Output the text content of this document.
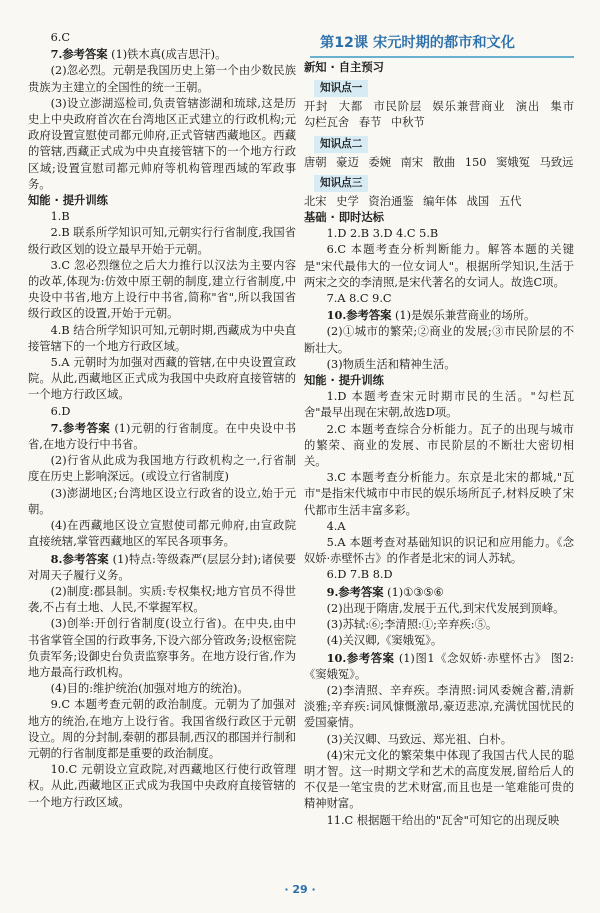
6.C

7.参考答案 (1)铁木真(成吉思汗)。

(2)忽必烈。元朝是我国历史上第一个由少数民族贵族为主建立的全国性的统一王朝。

(3)设立澎湖巡检司,负责管辖澎湖和琉球,这是历史上中央政府首次在台湾地区正式建立的行政机构;元政府设置宣慰使司都元帅府,正式管辖西藏地区。西藏的管辖,西藏正式成为中央直接管辖下的一个地方行政区域;设置宣慰司都元帅府等机构管理西域的军政事务。

知能 · 提升训练

1.B

2.B 联系所学知识可知,元朝实行行省制度,我国省级行政区划的设立最早开始于元朝。

3.C 忽必烈继位之后大力推行以汉法为主要内容的改革,体现为:仿效中原王朝的制度,建立行省制度,中央设中书省,地方上设行中书省,简称"省",所以我国省级行政区的设置,开始于元朝。

4.B 结合所学知识可知,元朝时期,西藏成为中央直接管辖下的一个地方行政区域。

5.A 元朝时为加强对西藏的管辖,在中央设置宣政院。从此,西藏地区正式成为我国中央政府直接管辖的一个地方行政区域。

6.D

7.参考答案 (1)元朝的行省制度。在中央设中书省,在地方设行中书省。

(2)行省从此成为我国地方行政机构之一,行省制度在历史上影响深远。(或设立行省制度)

(3)澎湖地区;台湾地区设立行政省的设立,始于元朝。

(4)在西藏地区设立宣慰使司都元帅府,由宣政院直接统辖,掌管西藏地区的军民各项事务。

8.参考答案 (1)特点:等级森严(层层分封);诸侯要对周天子履行义务。

(2)制度:郡县制。实质:专权集权;地方官员不得世袭,不占有土地、人民,不掌握军权。

(3)创举:开创行省制度(设立行省)。在中央,由中书省掌管全国的行政事务,下设六部分管政务;设枢密院负责军务;设御史台负责监察事务。在地方设行省,作为地方最高行政机构。

(4)目的:维护统治(加强对地方的统治)。

9.C 本题考查元朝的政治制度。元朝为了加强对地方的统治,在地方上设行省。我国省级行政区于元朝设立。周的分封制,秦朝的郡县制,西汉的郡国并行制和元朝的行省制度都是重要的政治制度。

10.C 元朝设立宣政院,对西藏地区行使行政管理权。从此,西藏地区正式成为我国中央政府直接管辖的一个地方行政区域。

第12课 宋元时期的都市和文化

新知 · 自主预习

知识点一

开封 大都 市民阶层 娱乐兼营商业 演出 集市 勾栏瓦舍 春节 中秋节

知识点二

唐朝 豪迈 委婉 南宋 散曲 150 窦娥冤 马致远

知识点三

北宋 史学 资治通鉴 编年体 战国 五代

基础 · 即时达标

1.D 2.B 3.D 4.C 5.B

6.C 本题考查分析判断能力。解答本题的关键是"宋代最伟大的一位女词人"。根据所学知识,生活于两宋之交的李清照,是宋代著名的女词人。故选C项。

7.A 8.C 9.C

10.参考答案 (1)是娱乐兼营商业的场所。

(2)①城市的繁荣;②商业的发展;③市民阶层的不断壮大。

(3)物质生活和精神生活。

知能 · 提升训练

1.D 本题考查宋元时期市民的生活。"勾栏瓦舍"最早出现在宋朝,故选D项。

2.C 本题考查综合分析能力。瓦子的出现与城市的繁荣、商业的发展、市民阶层的不断壮大密切相关。

3.C 本题考查分析能力。东京是北宋的都城,"瓦市"是指宋代城市中市民的娱乐场所瓦子,材料反映了宋代都市生活丰富多彩。

4.A

5.A 本题考查对基础知识的识记和应用能力。《念奴娇·赤壁怀古》的作者是北宋的词人苏轼。

6.D 7.B 8.D

9.参考答案 (1)①③⑤⑥

(2)出现于隋唐,发展于五代,到宋代发展到顶峰。

(3)苏轼:⑥;李清照:①;辛弃疾:⑤。

(4)关汉卿,《窦娥冤》。

10.参考答案 (1)图1《念奴娇·赤壁怀古》 图2:《窦娥冤》。

(2)李清照、辛弃疾。李清照:词风委婉含蓄,清新淡雅;辛弃疾:词风慷慨激昂,豪迈悲凉,充满忧国忧民的爱国豪情。

(3)关汉卿、马致远、郑光祖、白朴。

(4)宋元文化的繁荣集中体现了我国古代人民的聪明才智。这一时期文学和艺术的高度发展,留给后人的不仅是一笔宝贵的艺术财富,而且也是一笔难能可贵的精神财富。

11.C 根据题干给出的"瓦舍"可知它的出现反映

· 29 ·
